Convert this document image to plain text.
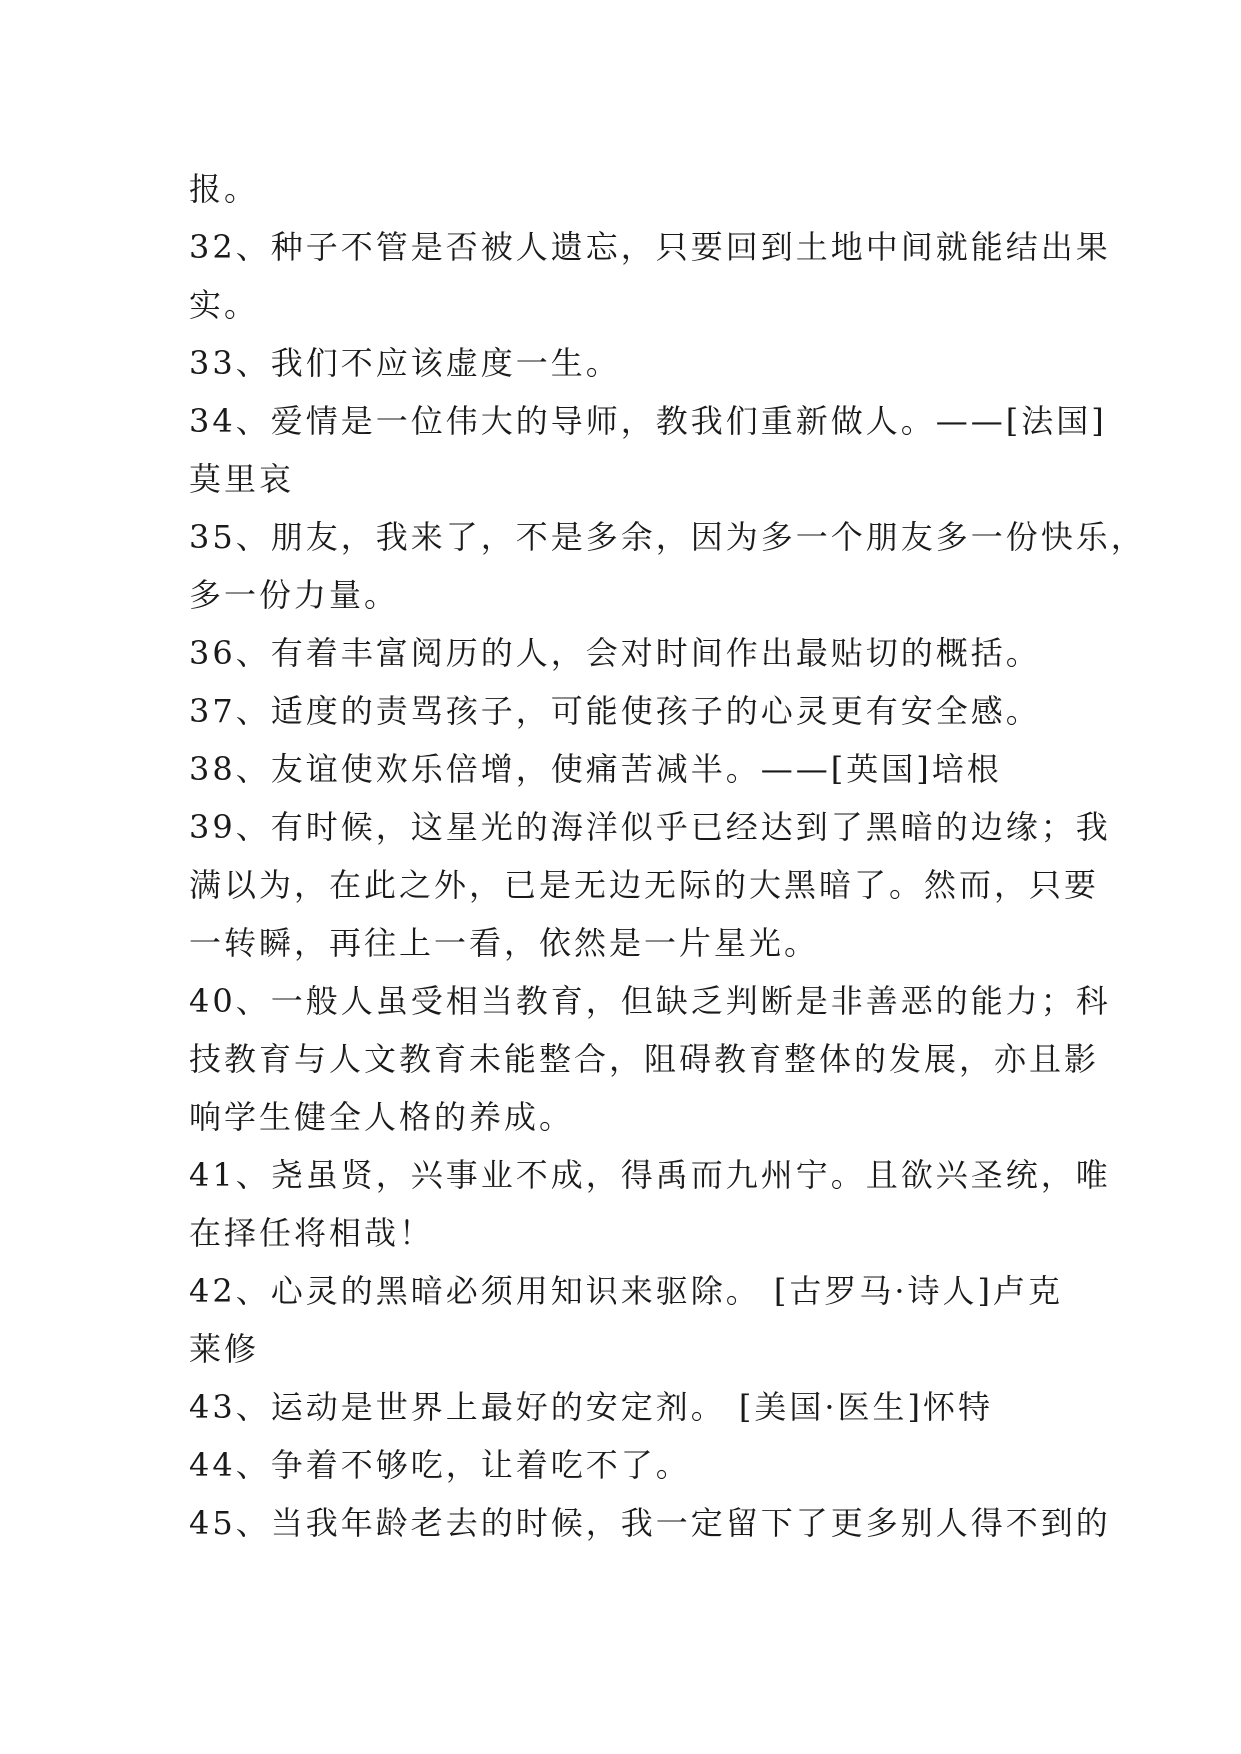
报。
32、种子不管是否被人遗忘，只要回到土地中间就能结出果
实。
33、我们不应该虚度一生。
34、爱情是一位伟大的导师，教我们重新做人。——[法国]
莫里哀
35、朋友，我来了，不是多余，因为多一个朋友多一份快乐，
多一份力量。
36、有着丰富阅历的人，会对时间作出最贴切的概括。
37、适度的责骂孩子，可能使孩子的心灵更有安全感。
38、友谊使欢乐倍增，使痛苦减半。——[英国]培根
39、有时候，这星光的海洋似乎已经达到了黑暗的边缘；我
满以为，在此之外，已是无边无际的大黑暗了。然而，只要
一转瞬，再往上一看，依然是一片星光。
40、一般人虽受相当教育，但缺乏判断是非善恶的能力；科
技教育与人文教育未能整合，阻碍教育整体的发展，亦且影
响学生健全人格的养成。
41、尧虽贤，兴事业不成，得禹而九州宁。且欲兴圣统，唯
在择任将相哉！
42、心灵的黑暗必须用知识来驱除。 [古罗马·诗人]卢克
莱修
43、运动是世界上最好的安定剂。 [美国·医生]怀特
44、争着不够吃，让着吃不了。
45、当我年龄老去的时候，我一定留下了更多别人得不到的
